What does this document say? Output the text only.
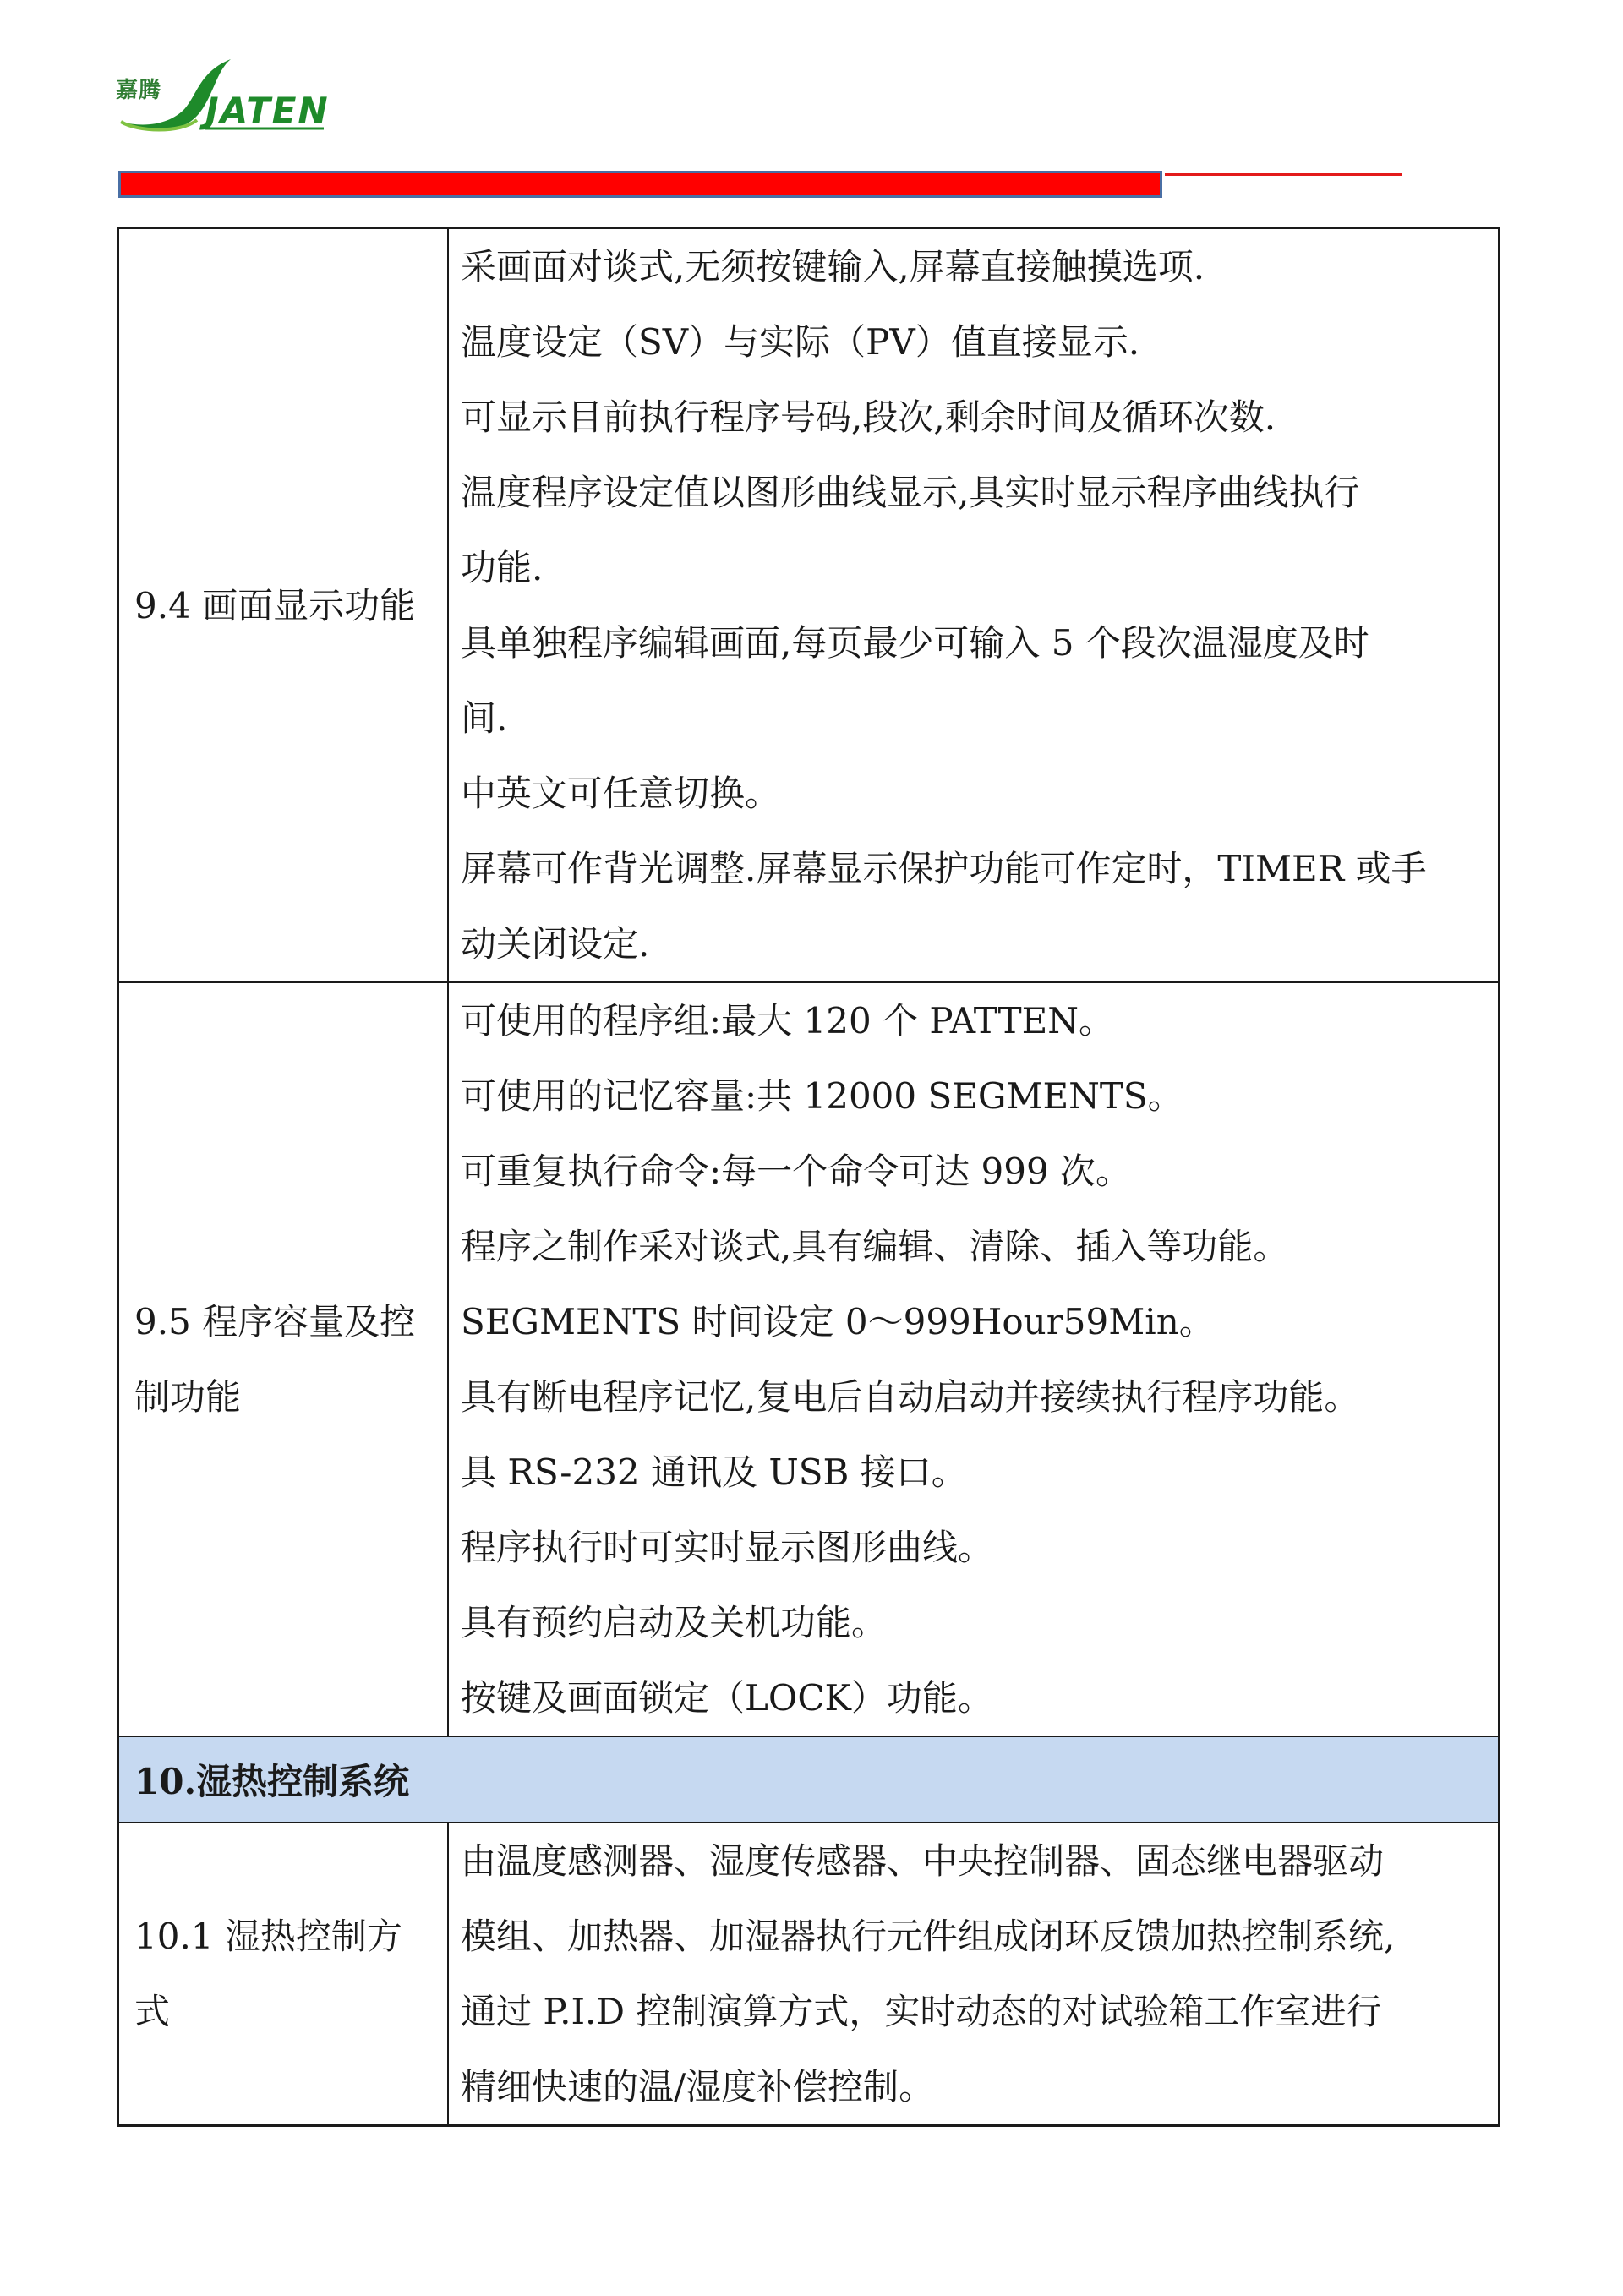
嘉腾 JATEN
9.4 画面显示功能

采画面对谈式,无须按键输入,屏幕直接触摸选项.

温度设定（SV）与实际（PV）值直接显示.

可显示目前执行程序号码,段次,剩余时间及循环次数.

温度程序设定值以图形曲线显示,具实时显示程序曲线执行

功能.

具单独程序编辑画面,每页最少可输入 5 个段次温湿度及时

间.

中英文可任意切换。

屏幕可作背光调整.屏幕显示保护功能可作定时，TIMER 或手

动关闭设定.

9.5 程序容量及控
制功能

可使用的程序组:最大 120 个 PATTEN。

可使用的记忆容量:共 12000 SEGMENTS。

可重复执行命令:每一个命令可达 999 次。

程序之制作采对谈式,具有编辑、清除、插入等功能。

SEGMENTS 时间设定 0～999Hour59Min。

具有断电程序记忆,复电后自动启动并接续执行程序功能。

具 RS-232 通讯及 USB 接口。

程序执行时可实时显示图形曲线。

具有预约启动及关机功能。

按键及画面锁定（LOCK）功能。

10.湿热控制系统
10.1 湿热控制方
式

由温度感测器、湿度传感器、中央控制器、固态继电器驱动

模组、加热器、加湿器执行元件组成闭环反馈加热控制系统,

通过 P.I.D 控制演算方式，实时动态的对试验箱工作室进行

精细快速的温/湿度补偿控制。
